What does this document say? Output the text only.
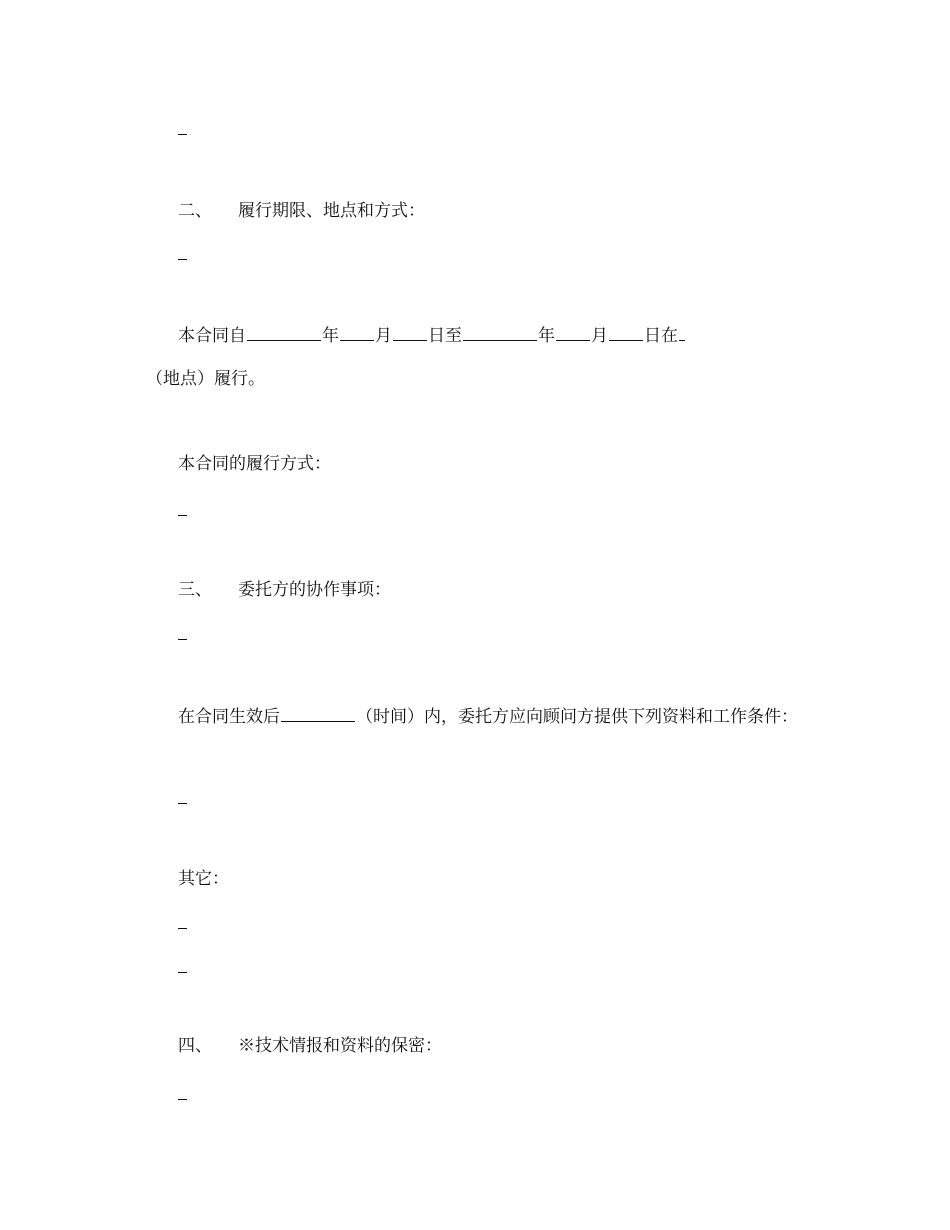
二、 履行期限、地点和方式：
本合同自	年 月 日至	年 月 日在
（地点）履行。
本合同的履行方式：
三、 委托方的协作事项：
在合同生效后	（时间）内，委托方应向顾问方提供下列资料和工作条件：
其它：
四、 ※技术情报和资料的保密：
